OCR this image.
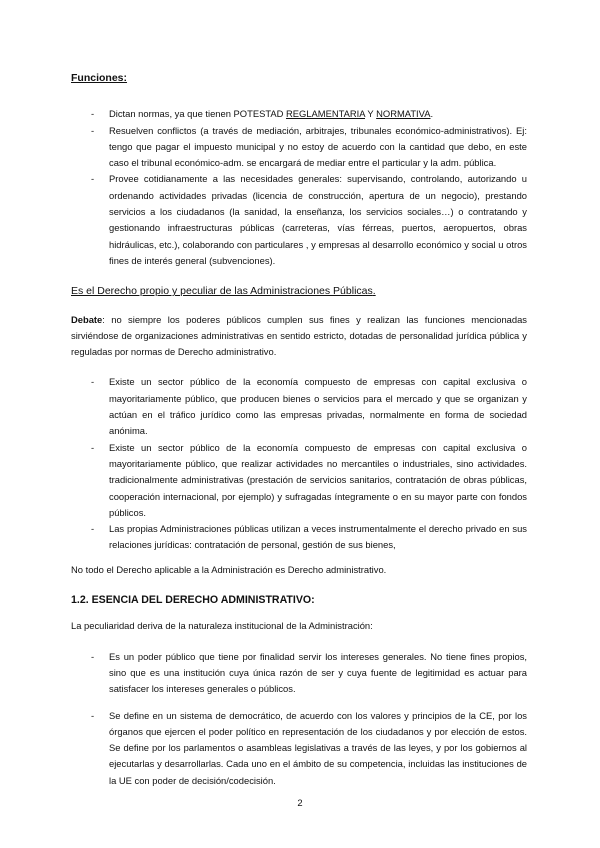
Funciones:
- Dictan normas, ya que tienen POTESTAD REGLAMENTARIA Y NORMATIVA.
- Resuelven conflictos (a través de mediación, arbitrajes, tribunales económico-administrativos). Ej: tengo que pagar el impuesto municipal y no estoy de acuerdo con la cantidad que debo, en este caso el tribunal económico-adm. se encargará de mediar entre el particular y la adm. pública.
- Provee cotidianamente a las necesidades generales: supervisando, controlando, autorizando u ordenando actividades privadas (licencia de construcción, apertura de un negocio), prestando servicios a los ciudadanos (la sanidad, la enseñanza, los servicios sociales…) o contratando y gestionando infraestructuras públicas (carreteras, vías férreas, puertos, aeropuertos, obras hidráulicas, etc.), colaborando con particulares , y empresas al desarrollo económico y social u otros fines de interés general (subvenciones).
Es el Derecho propio y peculiar de las Administraciones Públicas.

Debate: no siempre los poderes públicos cumplen sus fines y realizan las funciones mencionadas sirviéndose de organizaciones administrativas en sentido estricto, dotadas de personalidad jurídica pública y reguladas por normas de Derecho administrativo.

- Existe un sector público de la economía compuesto de empresas con capital exclusiva o mayoritariamente público, que producen bienes o servicios para el mercado y que se organizan y actúan en el tráfico jurídico como las empresas privadas, normalmente en forma de sociedad anónima.
- Existe un sector público de la economía compuesto de empresas con capital exclusiva o mayoritariamente público, que realizar actividades no mercantiles o industriales, sino actividades. tradicionalmente administrativas (prestación de servicios sanitarios, contratación de obras públicas, cooperación internacional, por ejemplo) y sufragadas íntegramente o en su mayor parte con fondos públicos.
- Las propias Administraciones públicas utilizan a veces instrumentalmente el derecho privado en sus relaciones jurídicas: contratación de personal, gestión de sus bienes,

No todo el Derecho aplicable a la Administración es Derecho administrativo.

1.2. ESENCIA DEL DERECHO ADMINISTRATIVO:

La peculiaridad deriva de la naturaleza institucional de la Administración:

- Es un poder público que tiene por finalidad servir los intereses generales. No tiene fines propios, sino que es una institución cuya única razón de ser y cuya fuente de legitimidad es actuar para satisfacer los intereses generales o públicos.
- Se define en un sistema de democrático, de acuerdo con los valores y principios de la CE, por los órganos que ejercen el poder político en representación de los ciudadanos y por elección de estos. Se define por los parlamentos o asambleas legislativas a través de las leyes, y por los gobiernos al ejecutarlas y desarrollarlas. Cada uno en el ámbito de su competencia, incluidas las instituciones de la UE con poder de decisión/codecisión.
2
